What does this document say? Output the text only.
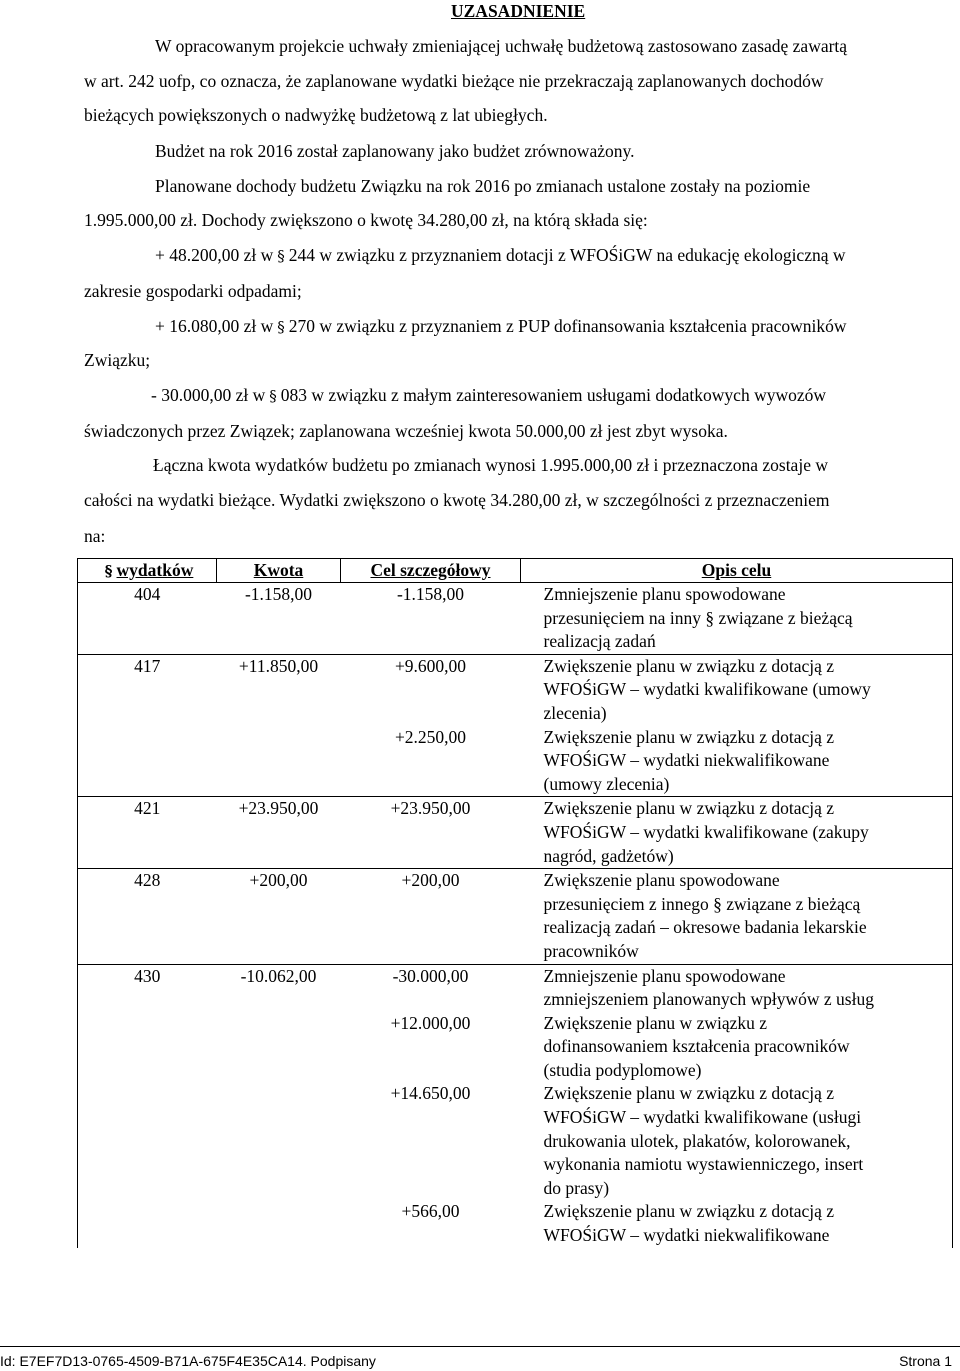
UZASADNIENIE
W opracowanym projekcie uchwały zmieniającej uchwałę budżetową zastosowano zasadę zawartą
w art. 242 uofp, co oznacza, że zaplanowane wydatki bieżące nie przekraczają zaplanowanych dochodów
bieżących powiększonych o nadwyżkę budżetową z lat ubiegłych.
Budżet na rok 2016 został zaplanowany jako budżet zrównoważony.
Planowane dochody budżetu Związku na rok 2016 po zmianach ustalone zostały na poziomie
1.995.000,00 zł. Dochody zwiększono o kwotę 34.280,00 zł, na którą składa się:
+ 48.200,00 zł w § 244 w związku z przyznaniem dotacji z WFOŚiGW na edukację ekologiczną w
zakresie gospodarki odpadami;
+ 16.080,00 zł w § 270 w związku z przyznaniem z PUP dofinansowania kształcenia pracowników
Związku;
- 30.000,00 zł w § 083 w związku z małym zainteresowaniem usługami dodatkowych wywozów
świadczonych przez Związek; zaplanowana wcześniej kwota 50.000,00 zł jest zbyt wysoka.
Łączna kwota wydatków budżetu po zmianach wynosi 1.995.000,00 zł i przeznaczona zostaje w
całości na wydatki bieżące. Wydatki zwiększono o kwotę 34.280,00 zł, w szczególności z przeznaczeniem
na:
§ wydatków	Kwota	Cel szczegółowy	Opis celu
404	-1.158,00	-1.158,00	Zmniejszenie planu spowodowane
przesunięciem na inny § związane z bieżącą
realizacją zadań

417	+11.850,00	+9.600,00	Zwiększenie planu w związku z dotacją z
WFOŚiGW – wydatki kwalifikowane (umowy
zlecenia)

		+2.250,00	Zwiększenie planu w związku z dotacją z
WFOŚiGW – wydatki niekwalifikowane
(umowy zlecenia)

421	+23.950,00	+23.950,00	Zwiększenie planu w związku z dotacją z
WFOŚiGW – wydatki kwalifikowane (zakupy
nagród, gadżetów)

428	+200,00	+200,00	Zwiększenie planu spowodowane
przesunięciem z innego § związane z bieżącą
realizacją zadań – okresowe badania lekarskie
pracowników

430	-10.062,00	-30.000,00	Zmniejszenie planu spowodowane
zmniejszeniem planowanych wpływów z usług

		+12.000,00	Zwiększenie planu w związku z
dofinansowaniem kształcenia pracowników
(studia podyplomowe)

		+14.650,00	Zwiększenie planu w związku z dotacją z
WFOŚiGW – wydatki kwalifikowane (usługi
drukowania ulotek, plakatów, kolorowanek,
wykonania namiotu wystawienniczego, insert
do prasy)

		+566,00	Zwiększenie planu w związku z dotacją z
WFOŚiGW – wydatki niekwalifikowane
Id: E7EF7D13-0765-4509-B71A-675F4E35CA14. Podpisany	Strona 1
